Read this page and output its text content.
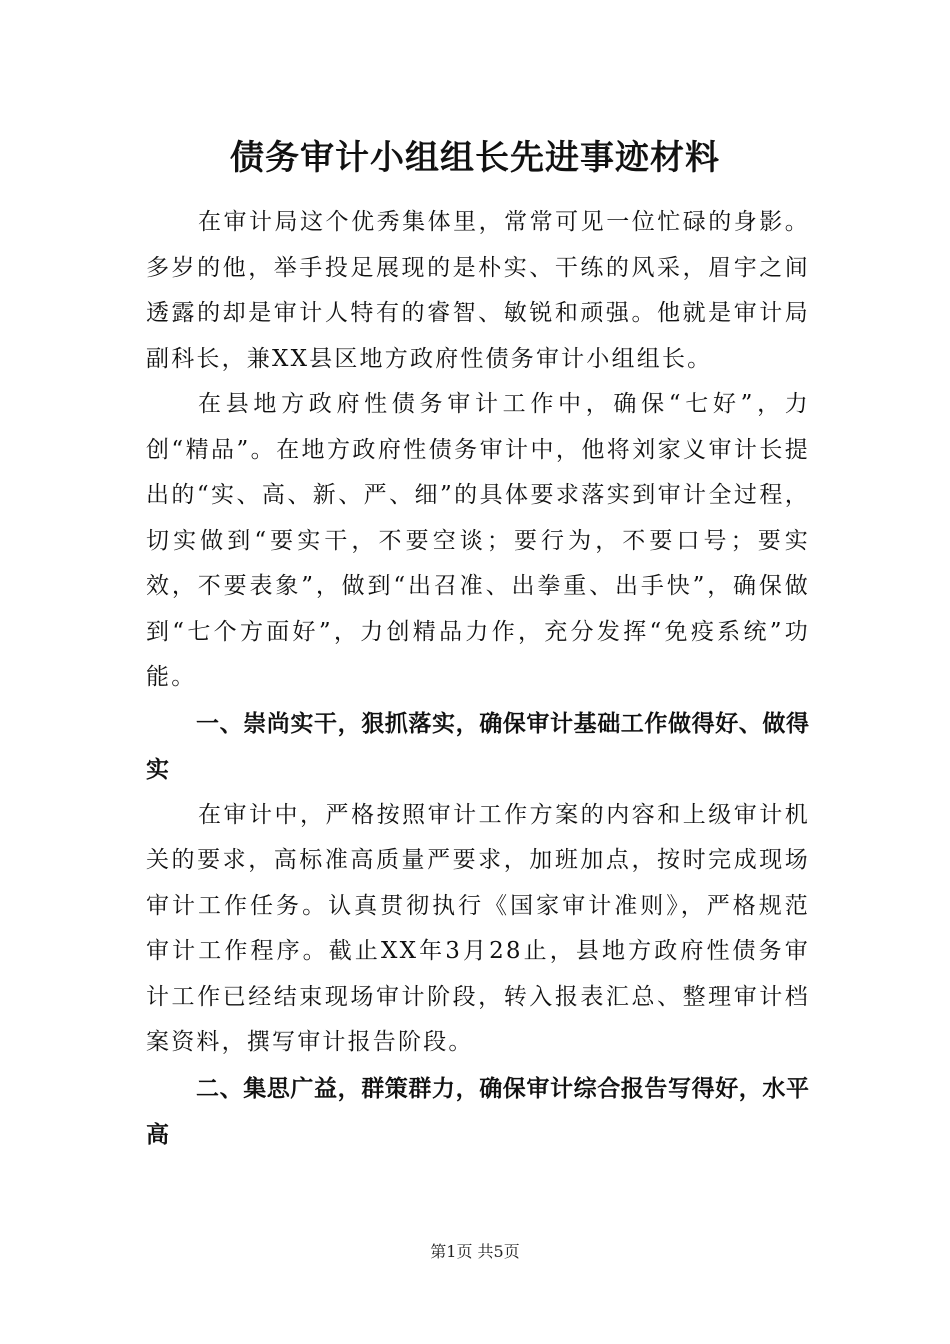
债务审计小组组长先进事迹材料

在审计局这个优秀集体里，常常可见一位忙碌的身影。多岁的他，举手投足展现的是朴实、干练的风采，眉宇之间透露的却是审计人特有的睿智、敏锐和顽强。他就是审计局副科长，兼XX县区地方政府性债务审计小组组长。

在县地方政府性债务审计工作中，确保“七好”，力创“精品”。在地方政府性债务审计中，他将刘家义审计长提出的“实、高、新、严、细”的具体要求落实到审计全过程，切实做到“要实干，不要空谈；要行为，不要口号；要实效，不要表象”，做到“出召准、出拳重、出手快”，确保做到“七个方面好”，力创精品力作，充分发挥“免疫系统”功能。

一、崇尚实干，狠抓落实，确保审计基础工作做得好、做得实

在审计中，严格按照审计工作方案的内容和上级审计机关的要求，高标准高质量严要求，加班加点，按时完成现场审计工作任务。认真贯彻执行《国家审计准则》，严格规范审计工作程序。截止XX年3月28止，县地方政府性债务审计工作已经结束现场审计阶段，转入报表汇总、整理审计档案资料，撰写审计报告阶段。

二、集思广益，群策群力，确保审计综合报告写得好，水平高

第1页 共5页
